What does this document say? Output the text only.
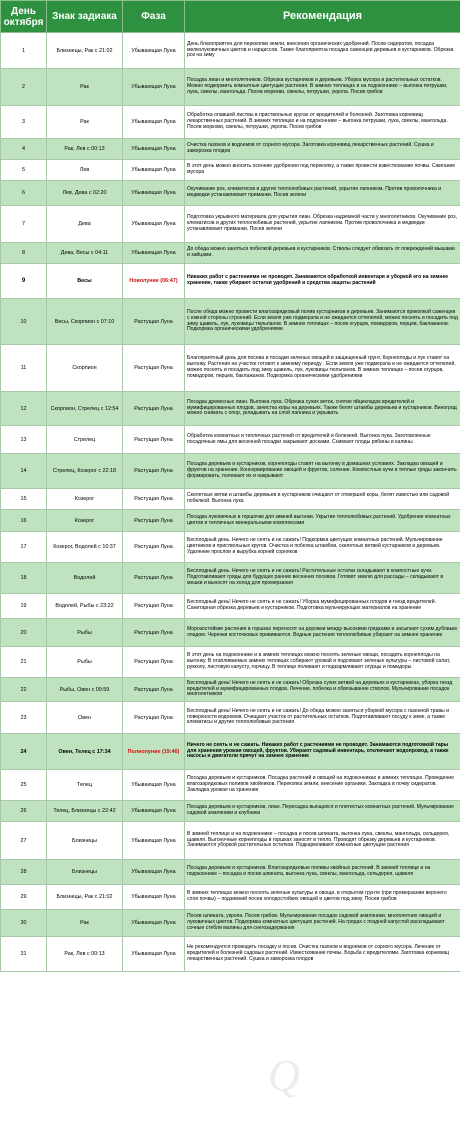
День октября	Знак задиака	Фаза	Рекомендация
1	Близнецы, Рак с 21:02	Убывающая Луна	День благоприятен для перекопки земли, внесения органических удобрений. Посев сидератов, посадка мелколуковичных цветов и нарциссов. Также благоприятна посадка саженцев деревьев и кустарников. Обрезка роз на зиму
2	Рак	Убывающая Луна	Посадка лиан и многолетников. Обрезка кустарников и деревьев. Уборка мусора и растительных остатков. Можно подкормить комнатные цветущие растения. В зимних теплицах и на подоконнике – выгонка петрушки, лука, свеклы, мангольда. Посев моркови, свеклы, петрушки, укропа. Посев грибов
3	Рак	Убывающая Луна	Обработка опавшей листвы в приствольных кругах от вредителей и болезней. Заготовка корневищ лекарственных растений. В зимних теплицах и на подоконнике – выгонка петрушки, лука, свеклы, мангольда. Посев моркови, свеклы, петрушки, укропа. Посев грибов
4	Рак, Лев с 00:13	Убывающая Луна	Очистка газонов и водоемов от сорного мусора. Заготовка корневищ лекарственных растений. Сушка и заморозка плодов
5	Лев	Убывающая Луна	В этот день можно вносить осенние удобрения под перекопку, а также провести известкование почвы. Сжигание мусора
6	Лев, Дева с 02:20	Убывающая Луна	Окучивание роз, клематисов и других теплолюбивых растений, укрытие лапником. Против проволочника и медведки устанавливают приманки. Посев зелени
7	Дева	Убывающая Луна	Подготовка укрывного материала для укрытия лиан. Обрезка надземной части у многолетников. Окучивание роз, клематисов и других теплолюбивых растений, укрытие лапником. Против проволочника и медведки устанавливают приманки. Посев зелени
8	Дева, Весы с 04:11	Убывающая Луна	До обеда можно заняться побелкой деревьев и кустарников. Стволы следует обвязать от повреждений мышами и зайцами.
9	Весы	Новолуние (06:47)	Никаких работ с растениями не проводят. Занимаются обработкой инвентаря и уборкой его на зимнее хранение, также убирают остатки удобрений и средства защиты растений
10	Весы, Скорпион с 07:10	Растущая Луна	После обеда можно провести влагозарядковый полив кустарников и деревьев. Занимаются прикопкой саженцев с южной стороны строений. Если земля уже подмерзла и не ожидается оттепелей, можно посеять и посадить под зиму щавель, лук, луковицы тюльпанов. В зимних теплицах – посев огурцов, помидоров, перцев, баклажанов. Подкормка органическими удобрениями
11	Скорпион	Растущая Луна	Благоприятный день для посева и посадки зеленых овощей в защищенный грунт. Корнеплоды и лук ставят на выгонку. Растения на участке готовят к зимнему периоду . Если земля уже подмерзла и не ожидается оттепелей, можно посеять и посадить под зиму щавель, лук, луковицы тюльпанов. В зимних теплицах – посев огурцов, помидоров, перцев, баклажанов. Подкормка органическими удобрениями
12	Скорпион, Стрелец с 12:54	Растущая Луна	Посадка древесных лиан. Выгонка лука. Обрезка сухих веток, снятие яйцекладок вредителей и мумифицированных плодов, зачистка коры на деревьях. Также белят штамбы деревьев и кустарников. Виноград можно снимать с опор, укладывать на слой лапника и укрывать
13	Стрелец	Растущая Луна	Обработка комнатных и тепличных растений от вредителей и болезней. Выгонка лука. Заготовленные посадочные ямы для весенней посадки закрывают досками. Снимают плоды рябины и калины
14	Стрелец, Козерог с 22:18	Растущая Луна	Посадка деревьев и кустарников, корнеплоды ставят на выгонку в домашних условиях. Закладка овощей и фруктов на хранение. Консервирование овощей и фруктов, соление. Компостные кучи и теплые гряды закончить формировать, полевают их и накрывают
15	Козерог	Растущая Луна	Скелетные ветви и штамбы деревьев и кустарников очищают от отмершей коры, белят известью или садовой побелкой. Выгонка лука
16	Козерог	Растущая Луна	Посадка луковичных в горшочки для зимней выгонки. Укрытие теплолюбивых растений. Удобрение комнатных цветов и тепличных минеральными комплексами
17	Козерог, Водолей с 10:37	Растущая Луна	Бесплодный день. Ничего не сеять и не сажать! Подкормка цветущих комнатных растений. Мульчирование цветников и приствольных кругов. Очистка и побелка штамбов, скелетных ветвей кустарников и деревьев. Удаление прослои и вырубка корней сорняков
18	Водолей	Растущая Луна	Бесплодный день. Ничего не сеять и не сажать! Растительные остатки складывают в компостные кучи. Подготавливают гряды для будущих ранних весенних посевов. Готовят землю для рассады – складывают в мешки и выносят на холод для промерзания
19	Водолей, Рыбы с 23:22	Растущая Луна	Бесплодный день! Ничего не сеять и не сажать! Уборка мумифицированных плодов и гнезд вредителей. Санитарная обрезка деревьев и кустарников. Подготовка мульчирующих материалов на хранение
20	Рыбы	Растущая Луна	Морозостойкие растения в горшках переносят на дорожки между высокими грядками и засыпают сухим дубовым опадом. Черенки косточковых прививаются. Водные растения теплолюбивые убирают на зимнее хранение
21	Рыбы	Растущая Луна	В этот день на подоконнике и в зимних теплицах можно посеять зеленые овощи, посадить корнеплоды на выгонку. В отапливаемых зимних теплицах собирают урожай и подсевают зеленые культуры – листовой салат, рукколу, листовую капусту, горчицу. В теплице поливают и подкармливают огурцы и помидоры
22	Рыбы, Овен с 09:59	Растущая Луна	Бесплодный день! Ничего не сеять и не сажать! Обрезка сухих ветвей на деревьях и кустарниках, уборка гнезд вредителей и мумифицированных плодов. Лечение, побелка и обвязывание стволов. Мульчирование посадок многолетников
23	Овен	Растущая Луна	Бесплодный день! Ничего не сеять и не сажать! До обеда можно заняться уборкой мусора с газонной травы и поверхности водоемов. Очищают участок от растительных остатков. Подготавливают посуду к зиме, а также клематисы и другие теплолюбивые растения
24	Овен, Телец с 17:34	Полнолуние (19:46)	Ничего не сеять и не сажать. Никаких работ с растениями не проводят. Занимаются подготовкой тары для хранения урожая овощей, фруктов. Убирают садовый инвентарь, отключают водопровод, а также насосы и двигатели прячут на зимнее хранение
25	Телец	Убывающая Луна	Посадка деревьев и кустарников. Посадка растений и овощей на подоконниках и зимних теплицах. Проведение влагозарядковых поливов хвойников. Перекопка земли, внесение органики. Закладка в почву сидератов. Закладка урожая на хранение
26	Телец, Близнецы с 22:42	Убывающая Луна	Посадка деревьев и кустарников, лиан. Пересадка вьющихся и плетистых комнатных растений. Мульчирование садовой земляники и клубники
27	Близнецы	Убывающая Луна	В зимней теплице и на подоконнике – посадка и посев шпината, выгонка лука, свеклы, мангольда, сельдерея, щавеля. Выгоночные корнеплоды в горшках заносят в тепло. Проводят обрезку деревьев и кустарников. Занимаются уборкой растительных остатков. Подкармливают комнатные цветущие растения
28	Близнецы	Убывающая Луна	Посадка деревьев и кустарников. Влагозарядковые поливы хвойных растений. В зимней теплице и на подоконнике – посадка и посев шпината, выгонка лука, свеклы, мангольда, сельдерея, щавеля
29	Близнецы, Рак с 21:02	Убывающая Луна	В зимних теплицах можно посеять зеленые культуры и овощи, в открытом грунте (при промерзании верхнего слоя почвы) – подзимний посев холодостойких овощей и цветов под зиму. Посев грибов
30	Рак	Убывающая Луна	Посев шпината, укропа. Посев грибов. Мульчирование посадок садовой земляники, многолетних овощей и луковичных цветов. Подкормка комнатных цветущих растений. На грядах с поздней капустой раскладывают сочные стебли малины для снегозадержания
31	Рак, Лев с 00:13	Убывающая Луна	Не рекомендуется проводить посадку и посев. Очистка газонов и водоемов от сорного мусора. Лечение от вредителей и болезней садовых растений. Известкование почвы. Борьба с вредителями. Заготовка корневищ лекарственных растений. Сушка и заморозка плодов
Q
